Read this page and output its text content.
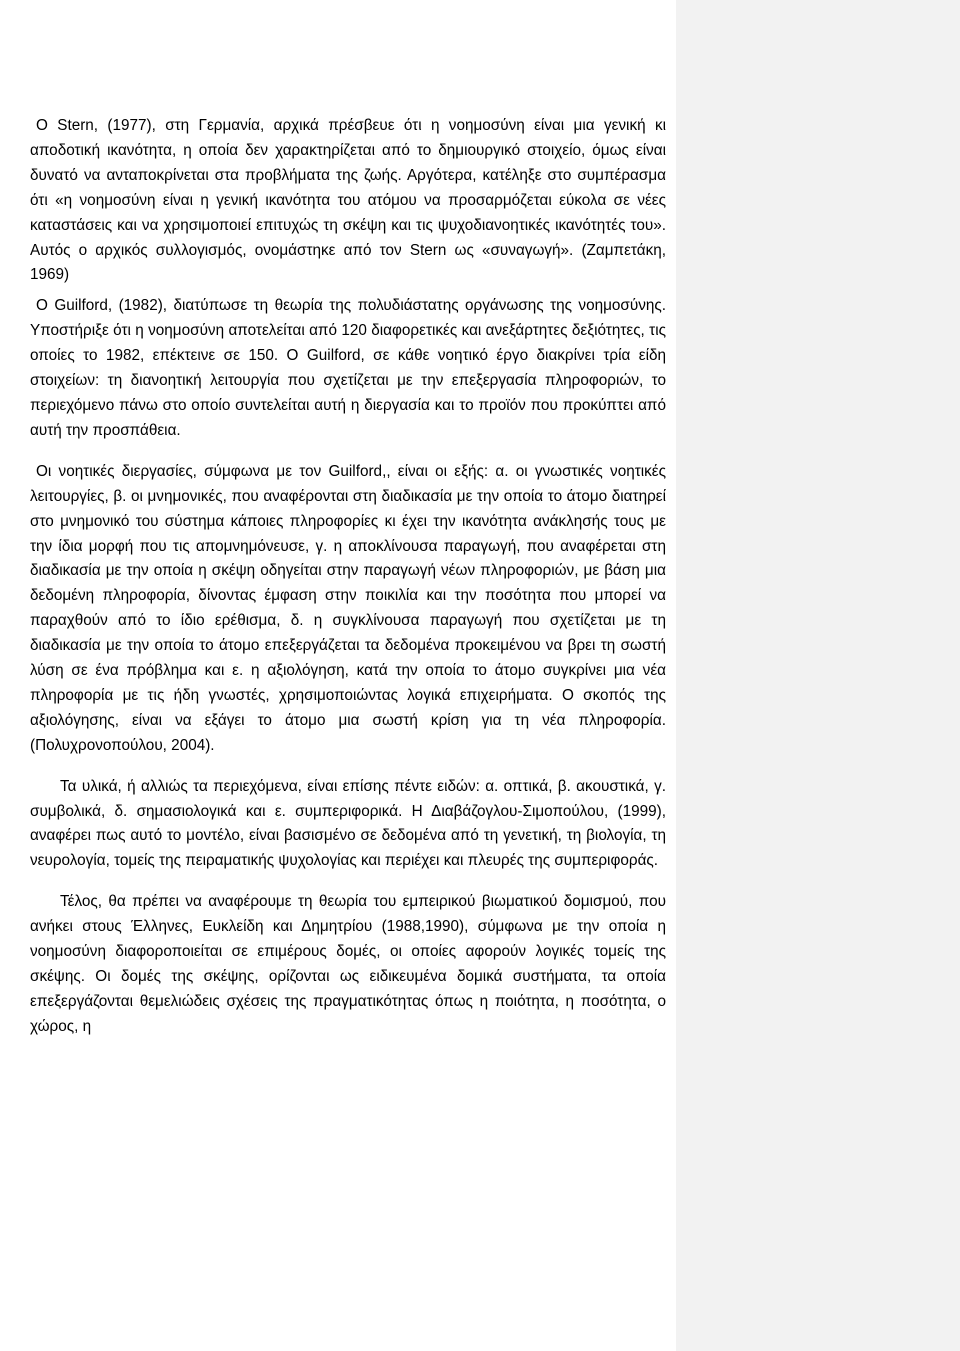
Ο Stern, (1977), στη Γερμανία, αρχικά πρέσβευε ότι η νοημοσύνη είναι μια γενική κι αποδοτική ικανότητα, η οποία δεν χαρακτηρίζεται από το δημιουργικό στοιχείο, όμως είναι δυνατό να ανταποκρίνεται στα προβλήματα της ζωής. Αργότερα, κατέληξε στο συμπέρασμα ότι «η νοημοσύνη είναι η γενική ικανότητα του ατόμου να προσαρμόζεται εύκολα σε νέες καταστάσεις και να χρησιμοποιεί επιτυχώς τη σκέψη και τις ψυχοδιανοητικές ικανότητές του». Αυτός ο αρχικός συλλογισμός, ονομάστηκε από τον Stern ως «συναγωγή». (Ζαμπετάκη, 1969)

Ο Guilford, (1982), διατύπωσε τη θεωρία της πολυδιάστατης οργάνωσης της νοημοσύνης. Υποστήριξε ότι η νοημοσύνη αποτελείται από 120 διαφορετικές και ανεξάρτητες δεξιότητες, τις οποίες το 1982, επέκτεινε σε 150. Ο Guilford, σε κάθε νοητικό έργο διακρίνει τρία είδη στοιχείων: τη διανοητική λειτουργία που σχετίζεται με την επεξεργασία πληροφοριών, το περιεχόμενο πάνω στο οποίο συντελείται αυτή η διεργασία και το προϊόν που προκύπτει από αυτή την προσπάθεια.

Οι νοητικές διεργασίες, σύμφωνα με τον Guilford,, είναι οι εξής: α. οι γνωστικές νοητικές λειτουργίες, β. οι μνημονικές, που αναφέρονται στη διαδικασία με την οποία το άτομο διατηρεί στο μνημονικό του σύστημα κάποιες πληροφορίες κι έχει την ικανότητα ανάκλησής τους με την ίδια μορφή που τις απομνημόνευσε, γ. η αποκλίνουσα παραγωγή, που αναφέρεται στη διαδικασία με την οποία η σκέψη οδηγείται στην παραγωγή νέων πληροφοριών, με βάση μια δεδομένη πληροφορία, δίνοντας έμφαση στην ποικιλία και την ποσότητα που μπορεί να παραχθούν από το ίδιο ερέθισμα, δ. η συγκλίνουσα παραγωγή που σχετίζεται με τη διαδικασία με την οποία το άτομο επεξεργάζεται τα δεδομένα προκειμένου να βρει τη σωστή λύση σε ένα πρόβλημα και ε. η αξιολόγηση, κατά την οποία το άτομο συγκρίνει μια νέα πληροφορία με τις ήδη γνωστές, χρησιμοποιώντας λογικά επιχειρήματα. Ο σκοπός της αξιολόγησης, είναι να εξάγει το άτομο μια σωστή κρίση για τη νέα πληροφορία. (Πολυχρονοπούλου, 2004).

Τα υλικά, ή αλλιώς τα περιεχόμενα, είναι επίσης πέντε ειδών: α. οπτικά, β. ακουστικά, γ. συμβολικά, δ. σημασιολογικά και ε. συμπεριφορικά. Η Διαβάζογλου-Σιμοπούλου, (1999), αναφέρει πως αυτό το μοντέλο, είναι βασισμένο σε δεδομένα από τη γενετική, τη βιολογία, τη νευρολογία, τομείς της πειραματικής ψυχολογίας και περιέχει και πλευρές της συμπεριφοράς.

Τέλος, θα πρέπει να αναφέρουμε τη θεωρία του εμπειρικού βιωματικού δομισμού, που ανήκει στους Έλληνες, Ευκλείδη και Δημητρίου (1988,1990), σύμφωνα με την οποία η νοημοσύνη διαφοροποιείται σε επιμέρους δομές, οι οποίες αφορούν λογικές τομείς της σκέψης. Οι δομές της σκέψης, ορίζονται ως ειδικευμένα δομικά συστήματα, τα οποία επεξεργάζονται θεμελιώδεις σχέσεις της πραγματικότητας όπως η ποιότητα, η ποσότητα, ο χώρος, η
